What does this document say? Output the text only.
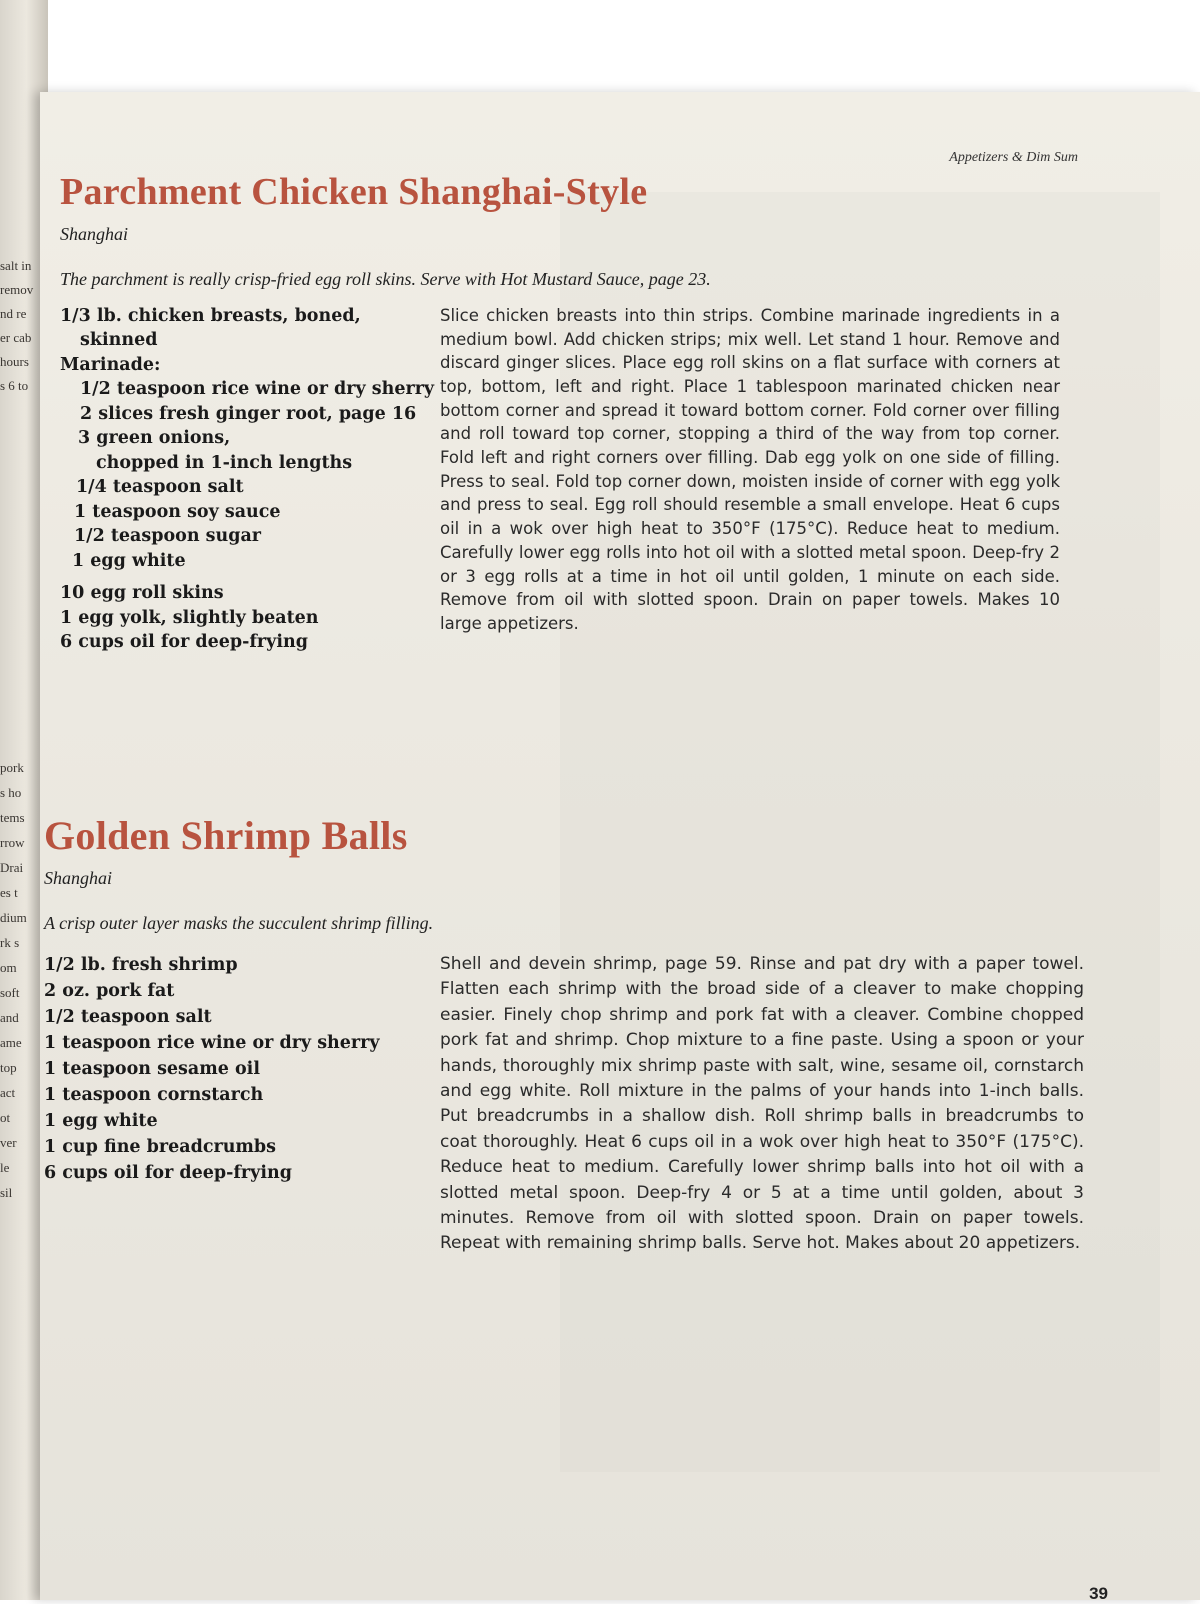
salt in
remov
nd re
er cab
hours
s 6 to
pork
s ho
tems
rrow
Drai
es t
dium
rk s
om
soft
and
ame
top
act
ot
ver
le
sil
Appetizers & Dim Sum
Parchment Chicken Shanghai-Style
Shanghai
The parchment is really crisp-fried egg roll skins. Serve with Hot Mustard Sauce, page 23.
1/3 lb. chicken breasts, boned,
skinned
Marinade:
1/2 teaspoon rice wine or dry sherry
2 slices fresh ginger root, page 16
3 green onions,
chopped in 1-inch lengths
1/4 teaspoon salt
1 teaspoon soy sauce
1/2 teaspoon sugar
1 egg white
10 egg roll skins
1 egg yolk, slightly beaten
6 cups oil for deep-frying
Slice chicken breasts into thin strips. Combine marinade ingredients in a medium bowl. Add chicken strips; mix well. Let stand 1 hour. Remove and discard ginger slices. Place egg roll skins on a flat surface with corners at top, bottom, left and right. Place 1 tablespoon marinated chicken near bottom corner and spread it toward bottom corner. Fold corner over filling and roll toward top corner, stopping a third of the way from top corner. Fold left and right corners over filling. Dab egg yolk on one side of filling. Press to seal. Fold top corner down, moisten inside of corner with egg yolk and press to seal. Egg roll should resemble a small envelope. Heat 6 cups oil in a wok over high heat to 350°F (175°C). Reduce heat to medium. Carefully lower egg rolls into hot oil with a slotted metal spoon. Deep-fry 2 or 3 egg rolls at a time in hot oil until golden, 1 minute on each side. Remove from oil with slotted spoon. Drain on paper towels. Makes 10 large appetizers.
Golden Shrimp Balls
Shanghai
A crisp outer layer masks the succulent shrimp filling.
1/2 lb. fresh shrimp
2 oz. pork fat
1/2 teaspoon salt
1 teaspoon rice wine or dry sherry
1 teaspoon sesame oil
1 teaspoon cornstarch
1 egg white
1 cup fine breadcrumbs
6 cups oil for deep-frying
Shell and devein shrimp, page 59. Rinse and pat dry with a paper towel. Flatten each shrimp with the broad side of a cleaver to make chopping easier. Finely chop shrimp and pork fat with a cleaver. Combine chopped pork fat and shrimp. Chop mixture to a fine paste. Using a spoon or your hands, thoroughly mix shrimp paste with salt, wine, sesame oil, cornstarch and egg white. Roll mixture in the palms of your hands into 1-inch balls. Put breadcrumbs in a shallow dish. Roll shrimp balls in breadcrumbs to coat thoroughly. Heat 6 cups oil in a wok over high heat to 350°F (175°C). Reduce heat to medium. Carefully lower shrimp balls into hot oil with a slotted metal spoon. Deep-fry 4 or 5 at a time until golden, about 3 minutes. Remove from oil with slotted spoon. Drain on paper towels. Repeat with remaining shrimp balls. Serve hot. Makes about 20 appetizers.
39
